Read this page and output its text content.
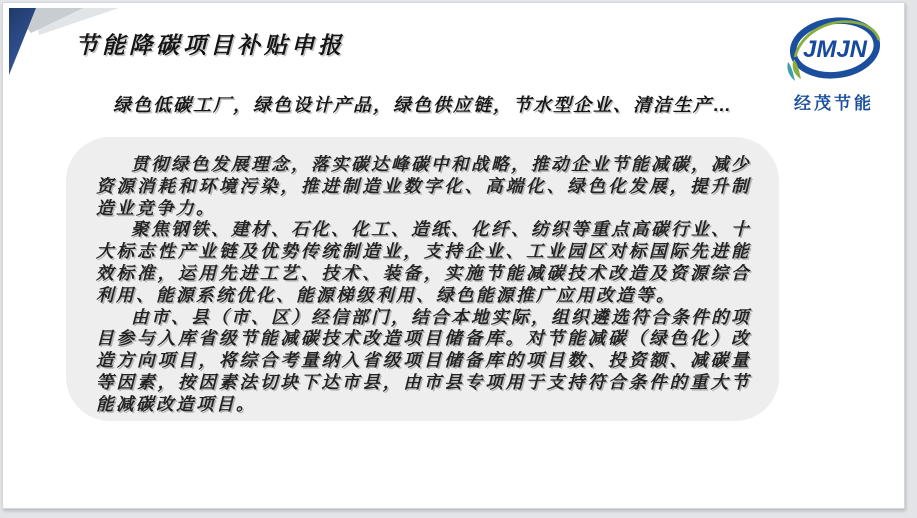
节能降碳项目补贴申报
绿色低碳工厂，绿色设计产品，绿色供应链，节水型企业、清洁生产…

贯彻绿色发展理念，落实碳达峰碳中和战略，推动企业节能减碳，减少资源消耗和环境污染，推进制造业数字化、高端化、绿色化发展，提升制造业竞争力。

聚焦钢铁、建材、石化、化工、造纸、化纤、纺织等重点高碳行业、十大标志性产业链及优势传统制造业，支持企业、工业园区对标国际先进能效标准，运用先进工艺、技术、装备，实施节能减碳技术改造及资源综合利用、能源系统优化、能源梯级利用、绿色能源推广应用改造等。

由市、县（市、区）经信部门，结合本地实际，组织遴选符合条件的项目参与入库省级节能减碳技术改造项目储备库。对节能减碳（绿色化）改造方向项目，将综合考量纳入省级项目储备库的项目数、投资额、减碳量等因素，按因素法切块下达市县，由市县专项用于支持符合条件的重大节能减碳改造项目。

JMJN
经茂节能
